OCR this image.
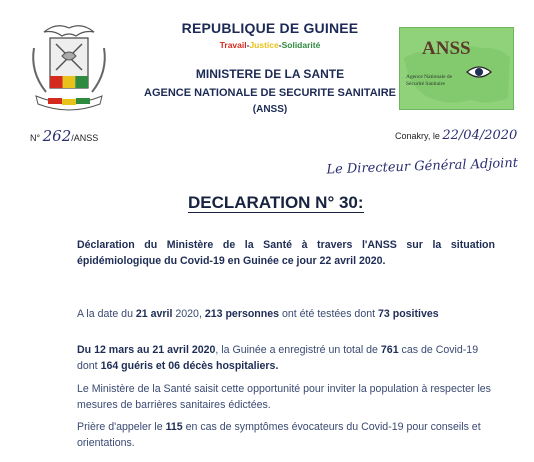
REPUBLIQUE DE GUINEE
Travail-Justice-Solidarité
MINISTERE DE LA SANTE
AGENCE NATIONALE DE SECURITE SANITAIRE
(ANSS)
ANSS
Agence Nationale de Sécurité Sanitaire
N° 262/ANSS	Conakry, le 22/04/2020
Le Directeur Général Adjoint
DECLARATION N° 30:
Déclaration du Ministère de la Santé à travers l'ANSS sur la situation épidémiologique du Covid-19 en Guinée ce jour 22 avril 2020.
A la date du 21 avril 2020, 213 personnes ont été testées dont 73 positives
Du 12 mars au 21 avril 2020, la Guinée a enregistré un total de 761 cas de Covid-19 dont 164 guéris et 06 décès hospitaliers.
Le Ministère de la Santé saisit cette opportunité pour inviter la population à respecter les mesures de barrières sanitaires édictées.
Prière d'appeler le 115 en cas de symptômes évocateurs du Covid-19 pour conseils et orientations.
